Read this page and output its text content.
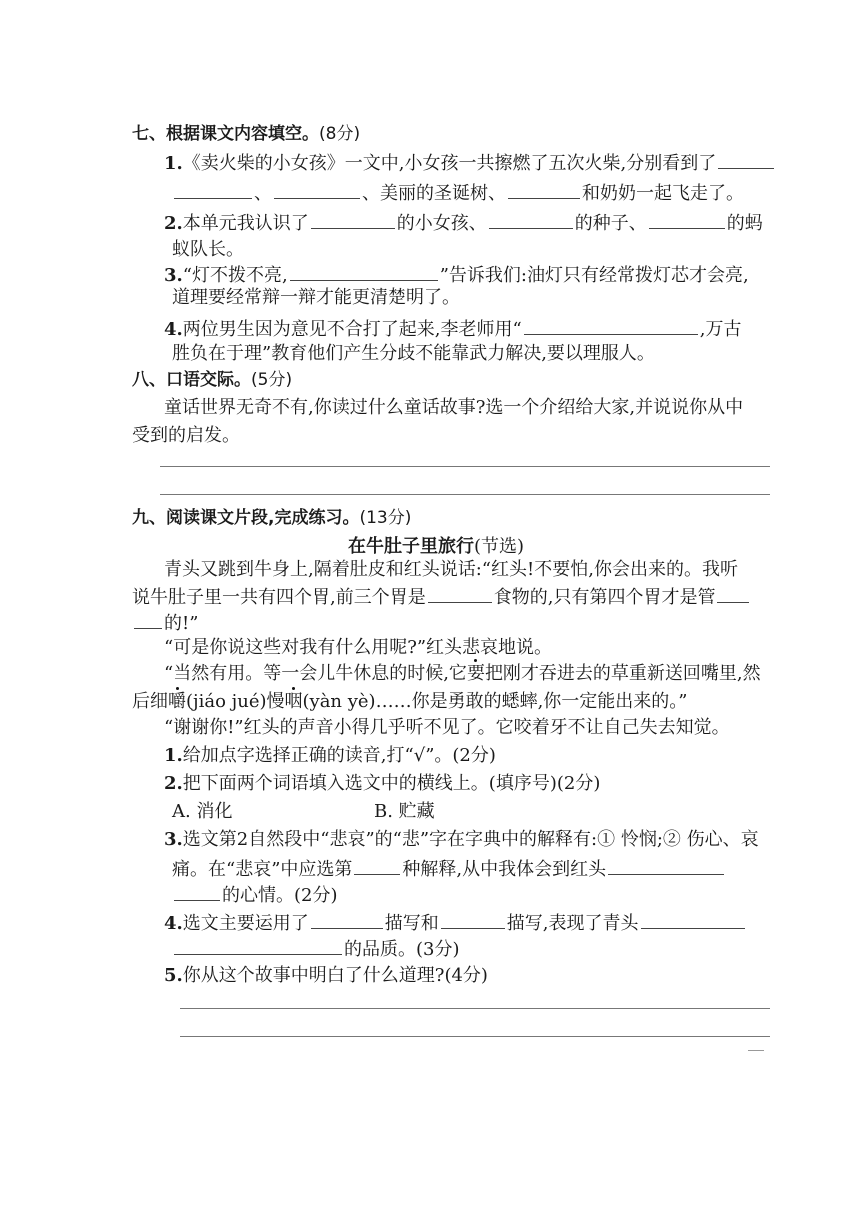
七、根据课文内容填空。(8分)
1.《卖火柴的小女孩》一文中,小女孩一共擦燃了五次火柴,分别看到了
、	、美丽的圣诞树、	和奶奶一起飞走了。
2.本单元我认识了	的小女孩、	的种子、	的蚂
蚁队长。
3.“灯不拨不亮,	”告诉我们:油灯只有经常拨灯芯才会亮,
道理要经常辩一辩才能更清楚明了。
4.两位男生因为意见不合打了起来,李老师用“	,万古
胜负在于理”教育他们产生分歧不能靠武力解决,要以理服人。
八、口语交际。(5分)
童话世界无奇不有,你读过什么童话故事?选一个介绍给大家,并说说你从中
受到的启发。
九、阅读课文片段,完成练习。(13分)
在牛肚子里旅行(节选)
青头又跳到牛身上,隔着肚皮和红头说话:“红头!不要怕,你会出来的。我听
说牛肚子里一共有四个胃,前三个胃是	食物的,只有第四个胃才是管
的!”
“可是你说这些对我有什么用呢?”红头悲哀地说。
“当然有用。等一会儿牛休息的时候,它要把刚才吞进去的草重新送回嘴里,然
后细嚼(jiáo jué)慢咽(yàn yè)……你是勇敢的蟋蟀,你一定能出来的。”
“谢谢你!”红头的声音小得几乎听不见了。它咬着牙不让自己失去知觉。
1.给加点字选择正确的读音,打“√”。(2分)
2.把下面两个词语填入选文中的横线上。(填序号)(2分)
A. 消化	B. 贮藏
3.选文第2自然段中“悲哀”的“悲”字在字典中的解释有:① 怜悯;② 伤心、哀
痛。在“悲哀”中应选第	种解释,从中我体会到红头
的心情。(2分)
4.选文主要运用了	描写和	描写,表现了青头
的品质。(3分)
5.你从这个故事中明白了什么道理?(4分)
